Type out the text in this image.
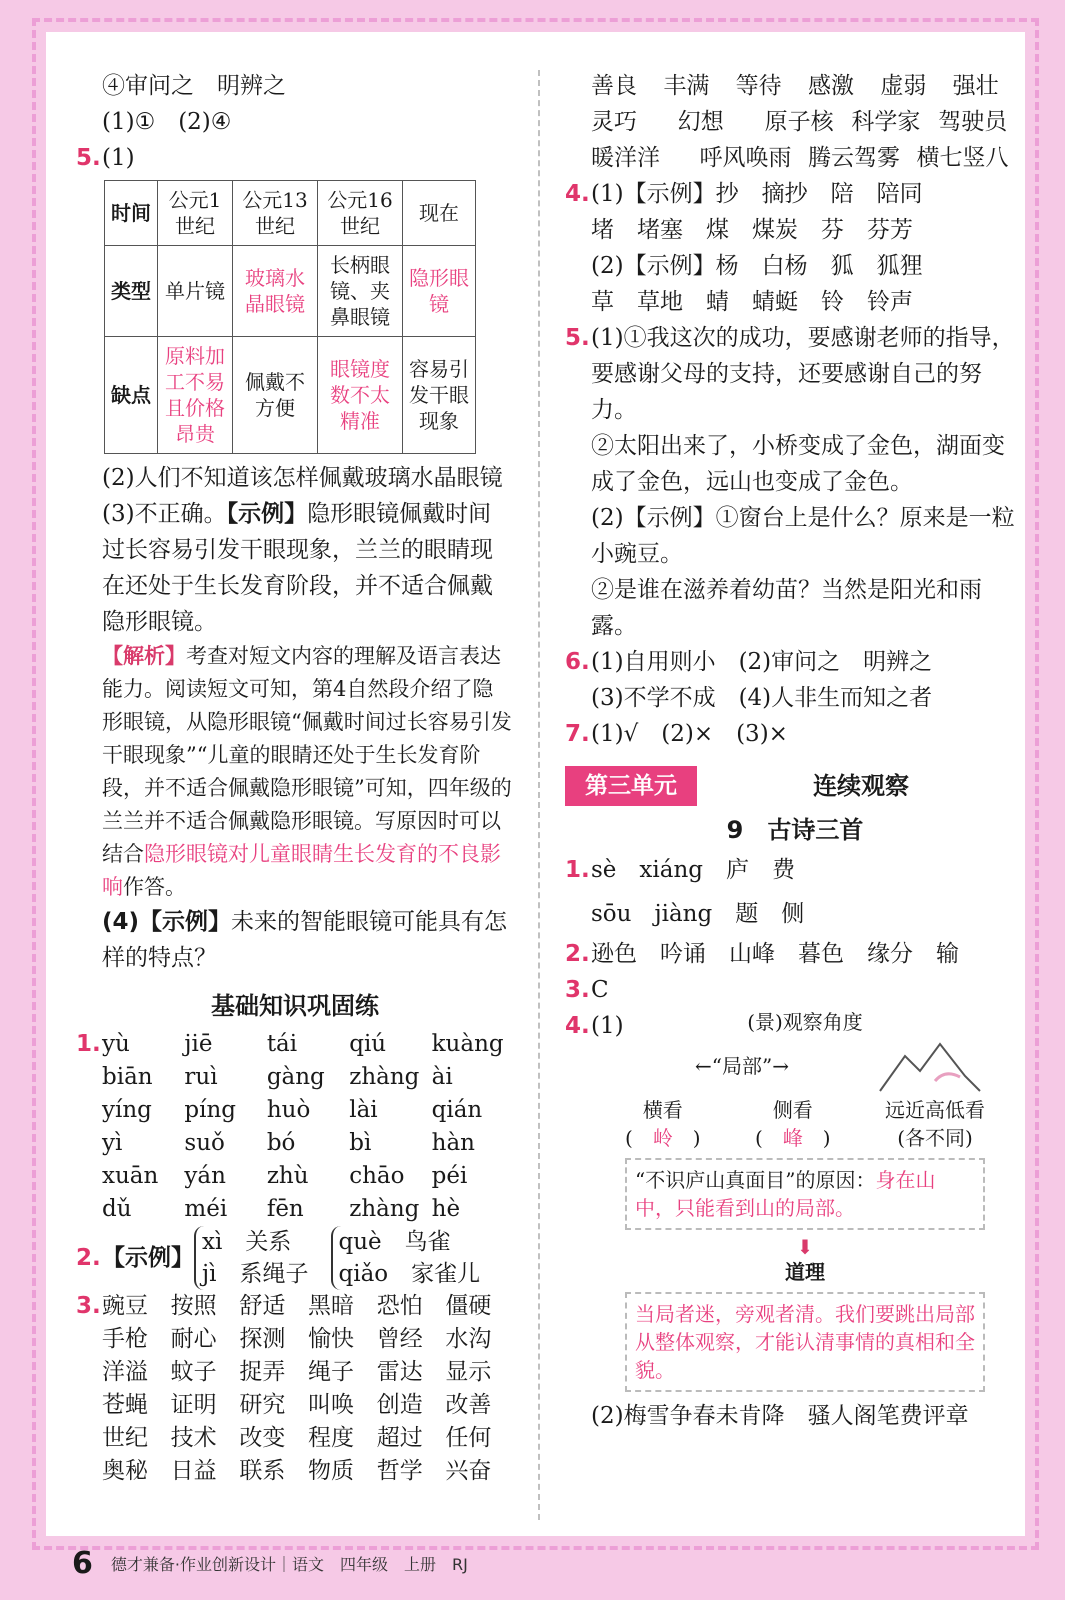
④审问之　明辨之
(1)①　(2)④
5.(1)
时间	公元1世纪	公元13世纪	公元16世纪	现在
类型	单片镜	玻璃水晶眼镜	长柄眼镜、夹鼻眼镜	隐形眼镜
缺点	原料加工不易且价格昂贵	佩戴不方便	眼镜度数不太精准	容易引发干眼现象
(2)人们不知道该怎样佩戴玻璃水晶眼镜
(3)不正确。【示例】隐形眼镜佩戴时间过长容易引发干眼现象，兰兰的眼睛现在还处于生长发育阶段，并不适合佩戴隐形眼镜。
【解析】考查对短文内容的理解及语言表达能力。阅读短文可知，第4自然段介绍了隐形眼镜，从隐形眼镜“佩戴时间过长容易引发干眼现象”“儿童的眼睛还处于生长发育阶段，并不适合佩戴隐形眼镜”可知，四年级的兰兰并不适合佩戴隐形眼镜。写原因时可以结合隐形眼镜对儿童眼睛生长发育的不良影响作答。
(4)【示例】未来的智能眼镜可能具有怎样的特点？
基础知识巩固练
1. yù	jiē	tái	qiú	kuàng
biān	ruì	gàng	zhàng ài
yíng	píng	huò	lài	qián
yì	suǒ	bó	bì	hàn
xuān	yán	zhù	chāo	péi
dǔ	méi	fēn	zhàng hè
2. 【示例】
xì　 关系
jì　 系绳子
què　 鸟雀
qiǎo　 家雀儿
3. 豌豆 按照 舒适 黑暗 恐怕 僵硬
手枪 耐心 探测 愉快 曾经 水沟
洋溢 蚊子 捉弄 绳子 雷达 显示
苍蝇 证明 研究 叫唤 创造 改善
世纪 技术 改变 程度 超过 任何
奥秘 日益 联系 物质 哲学 兴奋
善良	丰满	等待	感激	虚弱	强壮
灵巧	幻想	原子核 科学家 驾驶员
暖洋洋	呼风唤雨 腾云驾雾 横七竖八
4.(1)【示例】抄　摘抄　陪　陪同
堵　堵塞　煤　煤炭　芬　芬芳
(2)【示例】杨　白杨　狐　狐狸
草　草地　蜻　蜻蜓　铃　铃声
5. (1)①我这次的成功，要感谢老师的指导，要感谢父母的支持，还要感谢自己的努力。
②太阳出来了，小桥变成了金色，湖面变成了金色，远山也变成了金色。
(2)【示例】①窗台上是什么？原来是一粒小豌豆。
②是谁在滋养着幼苗？当然是阳光和雨露。
6.(1)自用则小　(2)审问之　明辨之
(3)不学不成　(4)人非生而知之者
7.(1)√　(2)×　(3)×
第三单元	连续观察
9　古诗三首
1.sè　xiáng　庐　费
sōu　jiàng　题　侧
2.逊色　吟诵　山峰　暮色　缘分　输
3.C
4.(1)	(景)观察角度
←“局部”→
横看
(　岭　)
侧看
(　峰　)
远近高低看
(各不同)
“不识庐山真面目”的原因：身在山中，只能看到山的局部。
⬇
道理
当局者迷，旁观者清。我们要跳出局部从整体观察，才能认清事情的真相和全貌。
(2)梅雪争春未肯降　骚人阁笔费评章
6 德才兼备·作业创新设计｜语文　四年级　上册　RJ
